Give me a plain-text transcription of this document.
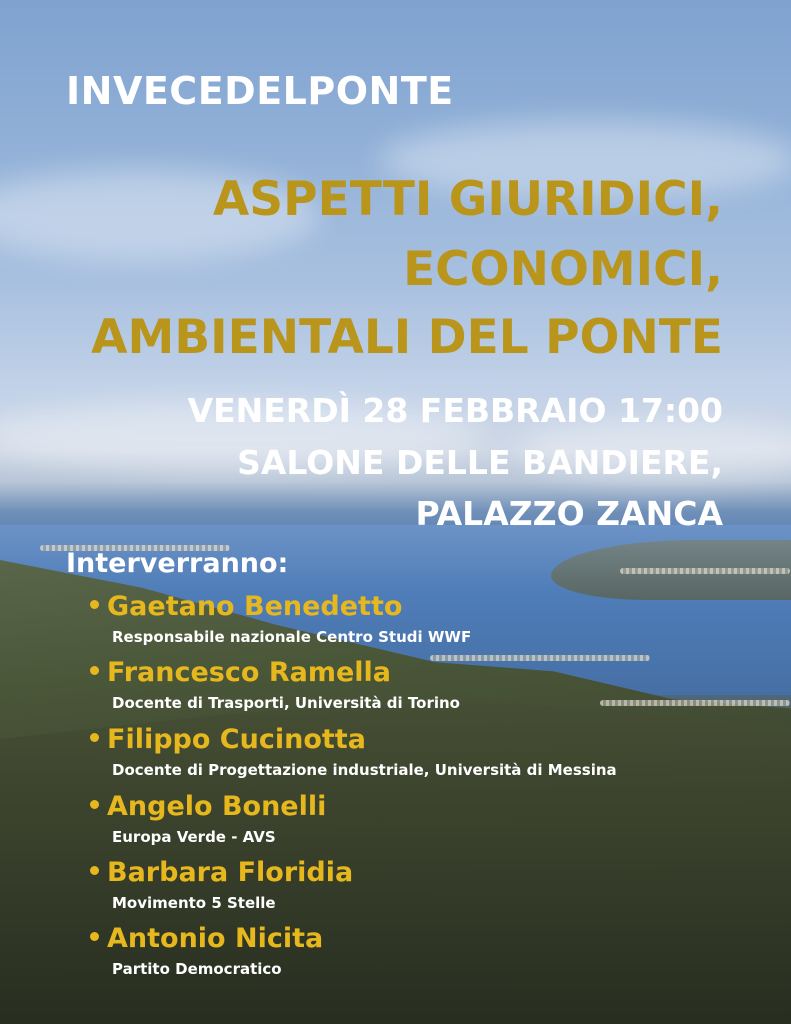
INVECEDELPONTE
ASPETTI GIURIDICI,
ECONOMICI,
AMBIENTALI DEL PONTE

VENERDÌ 28 FEBBRAIO 17:00

SALONE DELLE BANDIERE,

PALAZZO ZANCA

Interverranno:

Gaetano Benedetto
Responsabile nazionale Centro Studi WWF
Francesco Ramella
Docente di Trasporti, Università di Torino
Filippo Cucinotta
Docente di Progettazione industriale, Università di Messina
Angelo Bonelli
Europa Verde - AVS
Barbara Floridia
Movimento 5 Stelle
Antonio Nicita
Partito Democratico
